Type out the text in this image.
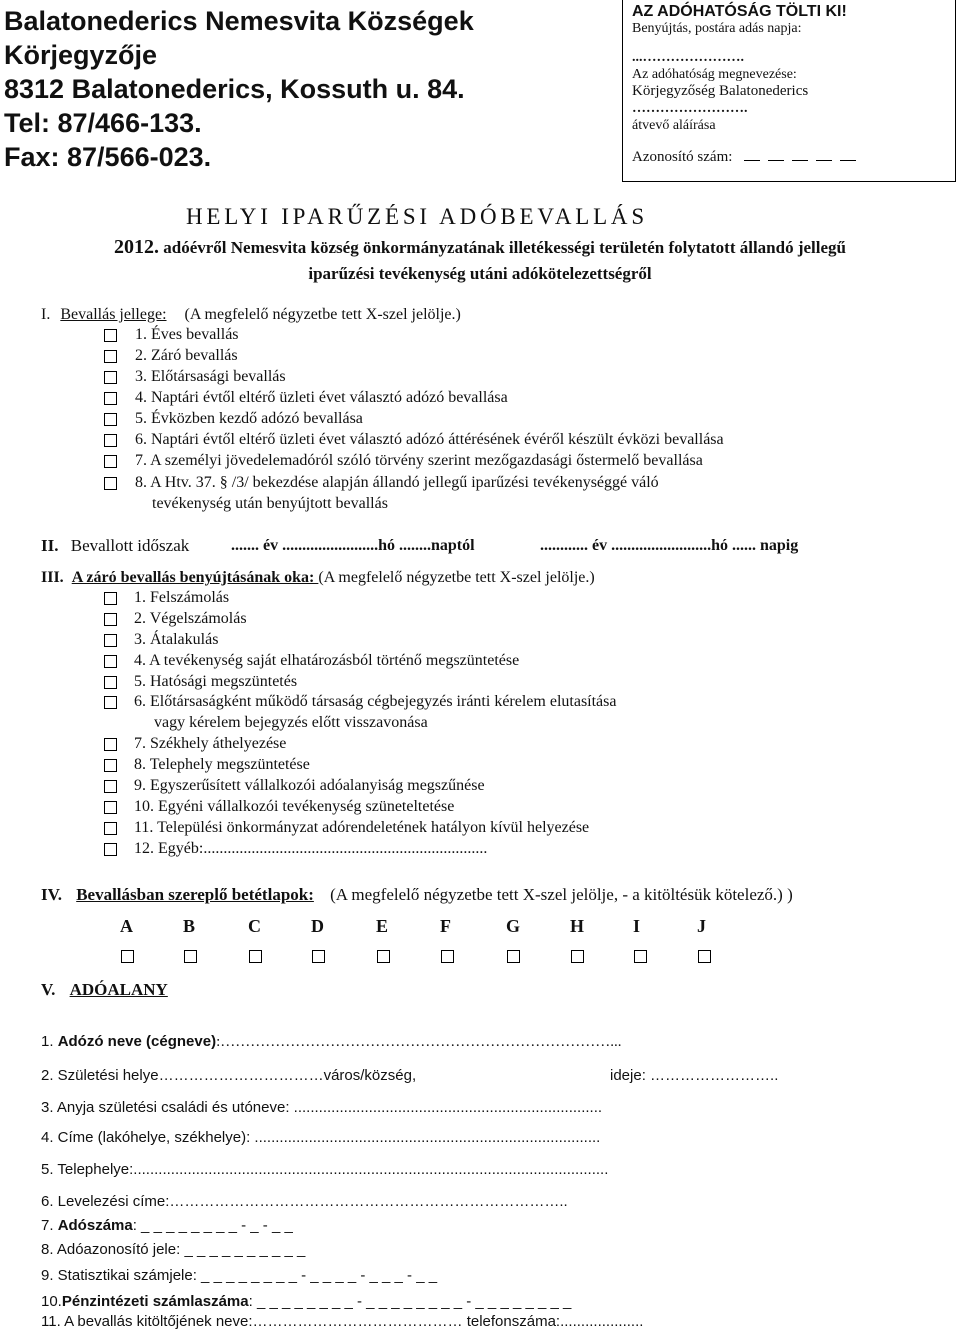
Balatonederics Nemesvita Községek
Körjegyzője
8312 Balatonederics, Kossuth u. 84.
Tel: 87/466-133.
Fax: 87/566-023.
AZ ADÓHATÓSÁG TÖLTI KI!
Benyújtás, postára adás napja:
...………………….
Az adóhatóság megnevezése:
Körjegyzőség Balatonederics
…………………….
átvevő aláírása
Azonosító szám:
HELYI IPARŰZÉSI ADÓBEVALLÁS
2012. adóévről Nemesvita község önkormányzatának illetékességi területén folytatott állandó jellegű
iparűzési tevékenység utáni adókötelezettségről
I. Bevallás jellege: (A megfelelő négyzetbe tett X-szel jelölje.)
1. Éves bevallás
2. Záró bevallás
3. Előtársasági bevallás
4. Naptári évtől eltérő üzleti évet választó adózó bevallása
5. Évközben kezdő adózó bevallása
6. Naptári évtől eltérő üzleti évet választó adózó áttérésének évéről készült évközi bevallása
7. A személyi jövedelemadóról szóló törvény szerint mezőgazdasági őstermelő bevallása
8. A Htv. 37. § /3/ bekezdése alapján állandó jellegű iparűzési tevékenységgé váló
tevékenység után benyújtott bevallás
II. Bevallott időszak	....... év ........................hó ........naptól	............ év .........................hó ...... napig
III. A záró bevallás benyújtásának oka: (A megfelelő négyzetbe tett X-szel jelölje.)
1. Felszámolás
2. Végelszámolás
3. Átalakulás
4. A tevékenység saját elhatározásból történő megszüntetése
5. Hatósági megszüntetés
6. Előtársaságként működő társaság cégbejegyzés iránti kérelem elutasítása
7. Székhely áthelyezése
8. Telephely megszüntetése
9. Egyszerűsített vállalkozói adóalanyiság megszűnése
10. Egyéni vállalkozói tevékenység szüneteltetése
11. Települési önkormányzat adórendeletének hatályon kívül helyezése
12. Egyéb:.......................................................................
vagy kérelem bejegyzés előtt visszavonása
IV. Bevallásban szereplő betétlapok: (A megfelelő négyzetbe tett X-szel jelölje, - a kitöltésük kötelező.) )
A	B	C	D	E	F	G	H	I	J
V. ADÓALANY
1. Adózó neve (cégneve):……………………………………………………………………...
2. Születési helye……………………………város/község,	ideje: ……………………..
3. Anyja születési családi és utóneve: ..........................................................................
4. Címe (lakóhelye, székhelye): ...................................................................................
5. Telephelye:..................................................................................................................
6. Levelezési címe:……………………………………………………………………..
7. Adószáma: _ _ _ _ _ _ _ _ - _ - _ _
8. Adóazonosító jele: _ _ _ _ _ _ _ _ _ _
9. Statisztikai számjele: _ _ _ _ _ _ _ _ - _ _ _ _ - _ _ _ - _ _
10.Pénzintézeti számlaszáma: _ _ _ _ _ _ _ _ - _ _ _ _ _ _ _ _ - _ _ _ _ _ _ _ _
11. A bevallás kitöltőjének neve:…………………………………… telefonszáma:....................
